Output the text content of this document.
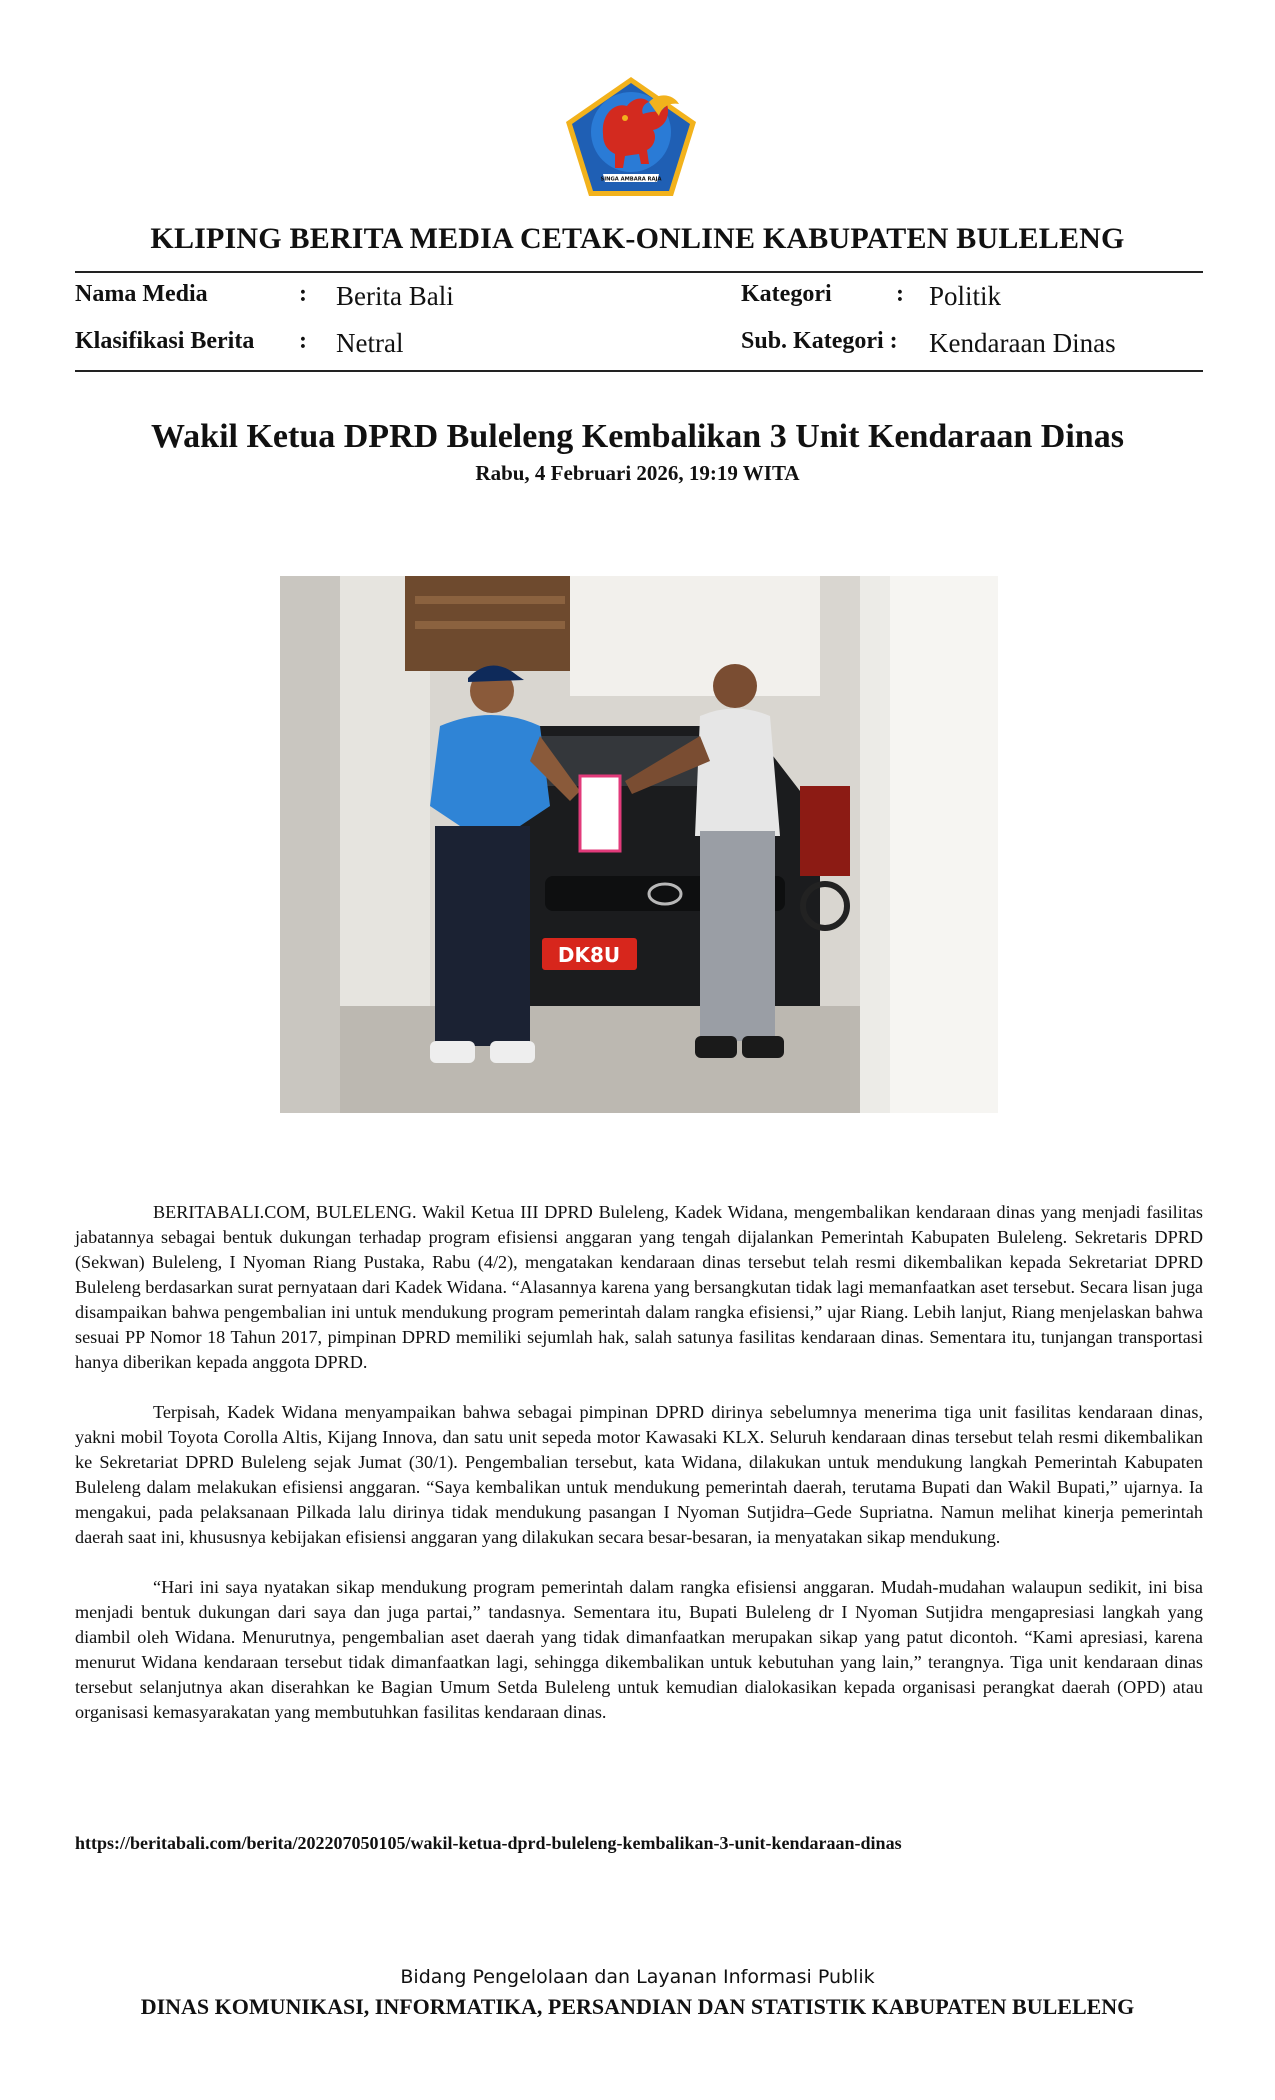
SINGA AMBARA RAJA
KLIPING BERITA MEDIA CETAK-ONLINE KABUPATEN BULELENG
Nama Media	: Berita Bali	Kategori	: Politik
Klasifikasi Berita : Netral	Sub. Kategori : Kendaraan Dinas
Wakil Ketua DPRD Buleleng Kembalikan 3 Unit Kendaraan Dinas
Rabu, 4 Februari 2026, 19:19 WITA
DK8U

BERITABALI.COM, BULELENG. Wakil Ketua III DPRD Buleleng, Kadek Widana, mengembalikan kendaraan dinas yang menjadi fasilitas jabatannya sebagai bentuk dukungan terhadap program efisiensi anggaran yang tengah dijalankan Pemerintah Kabupaten Buleleng. Sekretaris DPRD (Sekwan) Buleleng, I Nyoman Riang Pustaka, Rabu (4/2), mengatakan kendaraan dinas tersebut telah resmi dikembalikan kepada Sekretariat DPRD Buleleng berdasarkan surat pernyataan dari Kadek Widana. “Alasannya karena yang bersangkutan tidak lagi memanfaatkan aset tersebut. Secara lisan juga disampaikan bahwa pengembalian ini untuk mendukung program pemerintah dalam rangka efisiensi,” ujar Riang. Lebih lanjut, Riang menjelaskan bahwa sesuai PP Nomor 18 Tahun 2017, pimpinan DPRD memiliki sejumlah hak, salah satunya fasilitas kendaraan dinas. Sementara itu, tunjangan transportasi hanya diberikan kepada anggota DPRD.

Terpisah, Kadek Widana menyampaikan bahwa sebagai pimpinan DPRD dirinya sebelumnya menerima tiga unit fasilitas kendaraan dinas, yakni mobil Toyota Corolla Altis, Kijang Innova, dan satu unit sepeda motor Kawasaki KLX. Seluruh kendaraan dinas tersebut telah resmi dikembalikan ke Sekretariat DPRD Buleleng sejak Jumat (30/1). Pengembalian tersebut, kata Widana, dilakukan untuk mendukung langkah Pemerintah Kabupaten Buleleng dalam melakukan efisiensi anggaran. “Saya kembalikan untuk mendukung pemerintah daerah, terutama Bupati dan Wakil Bupati,” ujarnya. Ia mengakui, pada pelaksanaan Pilkada lalu dirinya tidak mendukung pasangan I Nyoman Sutjidra–Gede Supriatna. Namun melihat kinerja pemerintah daerah saat ini, khususnya kebijakan efisiensi anggaran yang dilakukan secara besar-besaran, ia menyatakan sikap mendukung.

“Hari ini saya nyatakan sikap mendukung program pemerintah dalam rangka efisiensi anggaran. Mudah-mudahan walaupun sedikit, ini bisa menjadi bentuk dukungan dari saya dan juga partai,” tandasnya. Sementara itu, Bupati Buleleng dr I Nyoman Sutjidra mengapresiasi langkah yang diambil oleh Widana. Menurutnya, pengembalian aset daerah yang tidak dimanfaatkan merupakan sikap yang patut dicontoh. “Kami apresiasi, karena menurut Widana kendaraan tersebut tidak dimanfaatkan lagi, sehingga dikembalikan untuk kebutuhan yang lain,” terangnya. Tiga unit kendaraan dinas tersebut selanjutnya akan diserahkan ke Bagian Umum Setda Buleleng untuk kemudian dialokasikan kepada organisasi perangkat daerah (OPD) atau organisasi kemasyarakatan yang membutuhkan fasilitas kendaraan dinas.

https://beritabali.com/berita/202207050105/wakil-ketua-dprd-buleleng-kembalikan-3-unit-kendaraan-dinas
Bidang Pengelolaan dan Layanan Informasi Publik
DINAS KOMUNIKASI, INFORMATIKA, PERSANDIAN DAN STATISTIK KABUPATEN BULELENG
